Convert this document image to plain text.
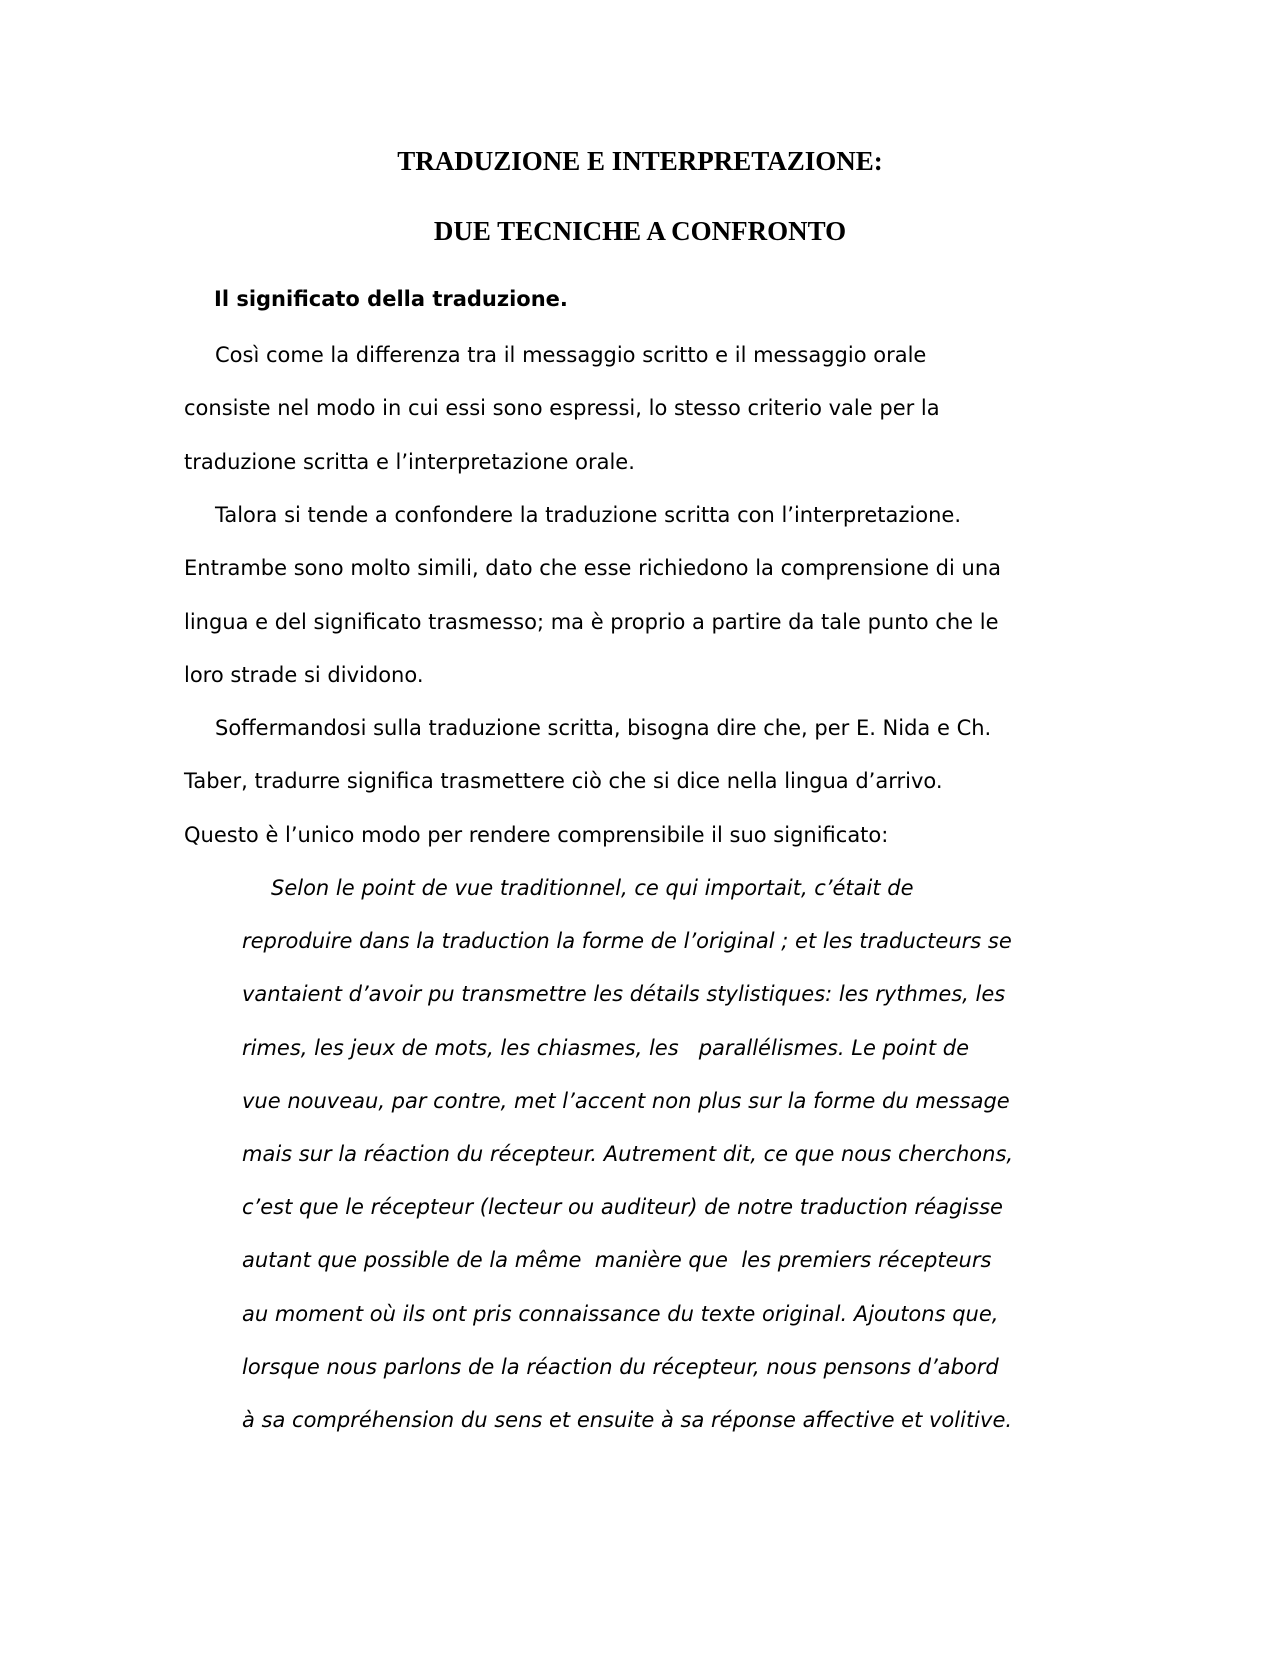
TRADUZIONE E INTERPRETAZIONE:
DUE TECNICHE A CONFRONTO
Il significato della traduzione.

Così come la differenza tra il messaggio scritto e il messaggio orale
consiste nel modo in cui essi sono espressi, lo stesso criterio vale per la
traduzione scritta e l’interpretazione orale.

Talora si tende a confondere la traduzione scritta con l’interpretazione.
Entrambe sono molto simili, dato che esse richiedono la comprensione di una
lingua e del significato trasmesso; ma è proprio a partire da tale punto che le
loro strade si dividono.

Soffermandosi sulla traduzione scritta, bisogna dire che, per E. Nida e Ch.
Taber, tradurre significa trasmettere ciò che si dice nella lingua d’arrivo.
Questo è l’unico modo per rendere comprensibile il suo significato:

Selon le point de vue traditionnel, ce qui importait, c’était de
reproduire dans la traduction la forme de l’original ; et les traducteurs se
vantaient d’avoir pu transmettre les détails stylistiques: les rythmes, les
rimes, les jeux de mots, les chiasmes, les   parallélismes. Le point de
vue nouveau, par contre, met l’accent non plus sur la forme du message
mais sur la réaction du récepteur. Autrement dit, ce que nous cherchons,
c’est que le récepteur (lecteur ou auditeur) de notre traduction réagisse
autant que possible de la même  manière que  les premiers récepteurs
au moment où ils ont pris connaissance du texte original. Ajoutons que,
lorsque nous parlons de la réaction du récepteur, nous pensons d’abord
à sa compréhension du sens et ensuite à sa réponse affective et volitive.
